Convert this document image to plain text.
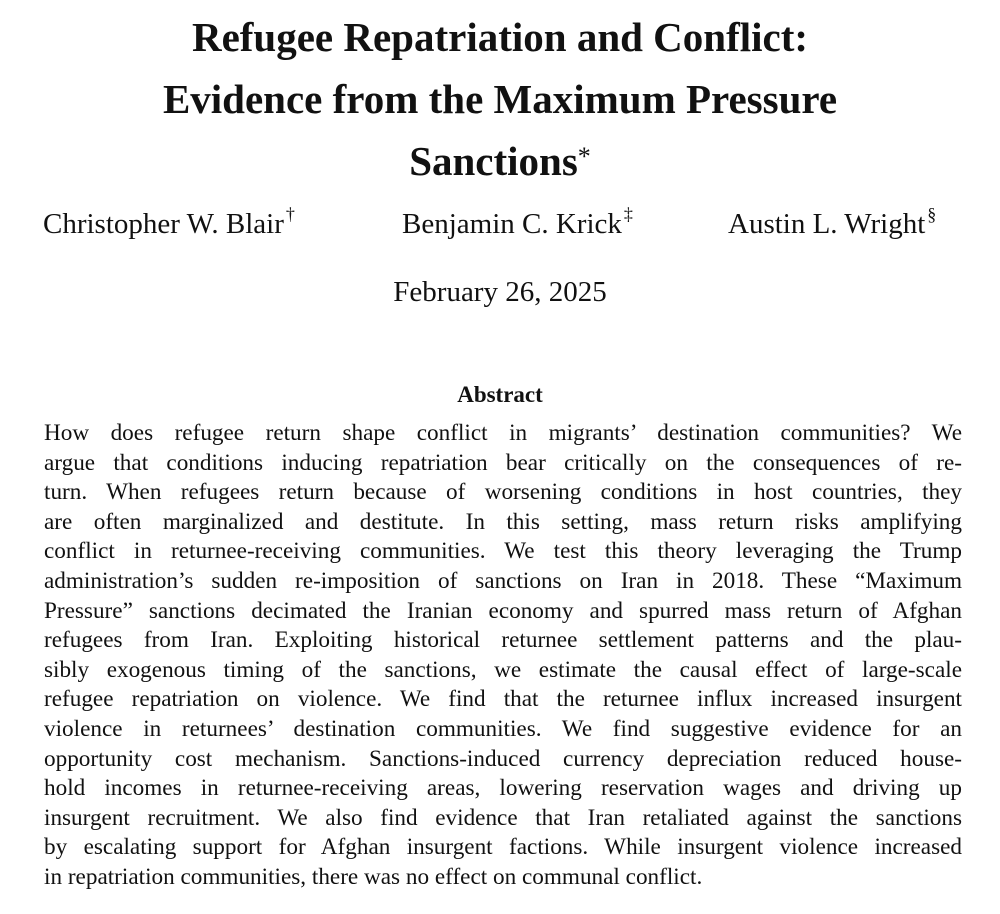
Refugee Repatriation and Conflict:
Evidence from the Maximum Pressure
Sanctions*
Christopher W. Blair †	Benjamin C. Krick ‡	Austin L. Wright §
February 26, 2025
Abstract
How does refugee return shape conflict in migrants’ destination communities? We
argue that conditions inducing repatriation bear critically on the consequences of re-
turn. When refugees return because of worsening conditions in host countries, they
are often marginalized and destitute. In this setting, mass return risks amplifying
conflict in returnee-receiving communities. We test this theory leveraging the Trump
administration’s sudden re-imposition of sanctions on Iran in 2018. These “Maximum
Pressure” sanctions decimated the Iranian economy and spurred mass return of Afghan
refugees from Iran. Exploiting historical returnee settlement patterns and the plau-
sibly exogenous timing of the sanctions, we estimate the causal effect of large-scale
refugee repatriation on violence. We find that the returnee influx increased insurgent
violence in returnees’ destination communities. We find suggestive evidence for an
opportunity cost mechanism. Sanctions-induced currency depreciation reduced house-
hold incomes in returnee-receiving areas, lowering reservation wages and driving up
insurgent recruitment. We also find evidence that Iran retaliated against the sanctions
by escalating support for Afghan insurgent factions. While insurgent violence increased
in repatriation communities, there was no effect on communal conflict.
